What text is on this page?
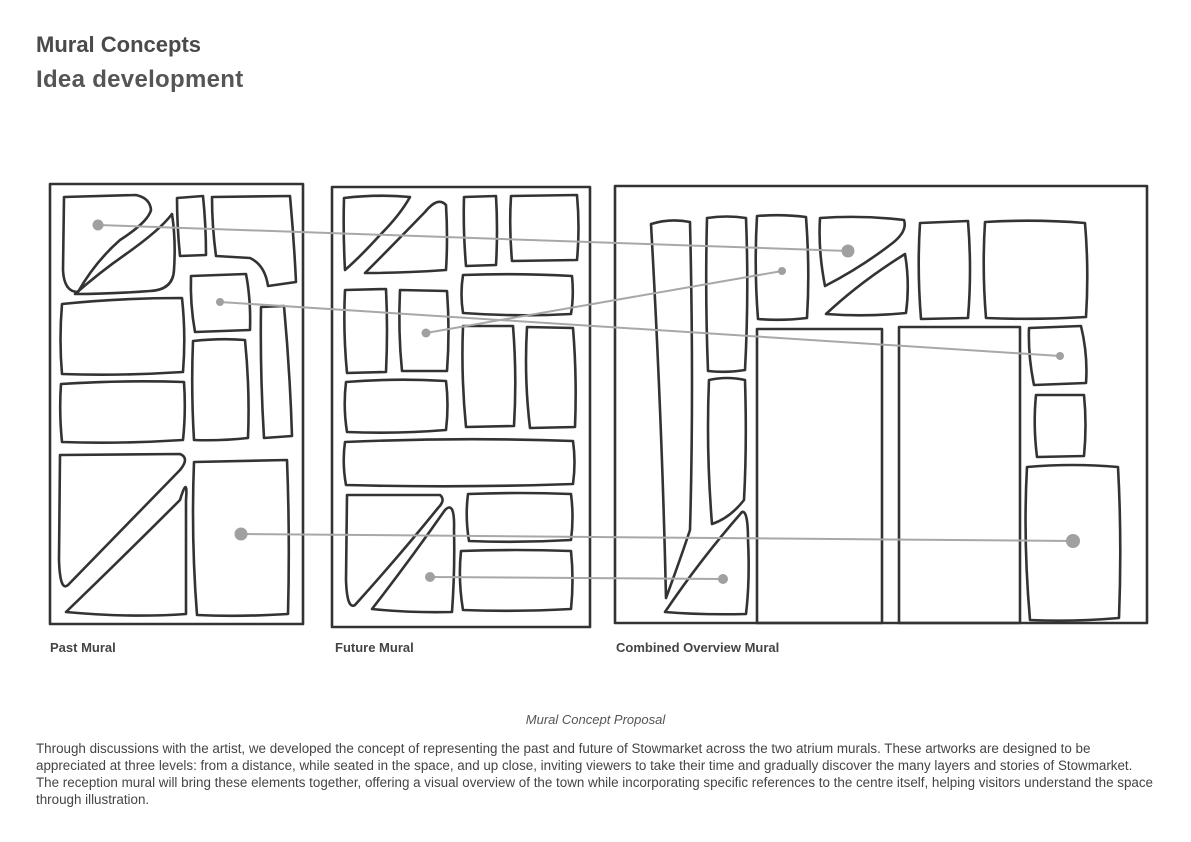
Mural Concepts
Idea development
Past Mural	Future Mural	Combined Overview Mural
Mural Concept Proposal

Through discussions with the artist, we developed the concept of representing the past and future of Stowmarket across the two atrium murals. These artworks are designed to be appreciated at three levels: from a distance, while seated in the space, and up close, inviting viewers to take their time and gradually discover the many layers and stories of Stowmarket. The reception mural will bring these elements together, offering a visual overview of the town while incorporating specific references to the centre itself, helping visitors understand the space through illustration.
